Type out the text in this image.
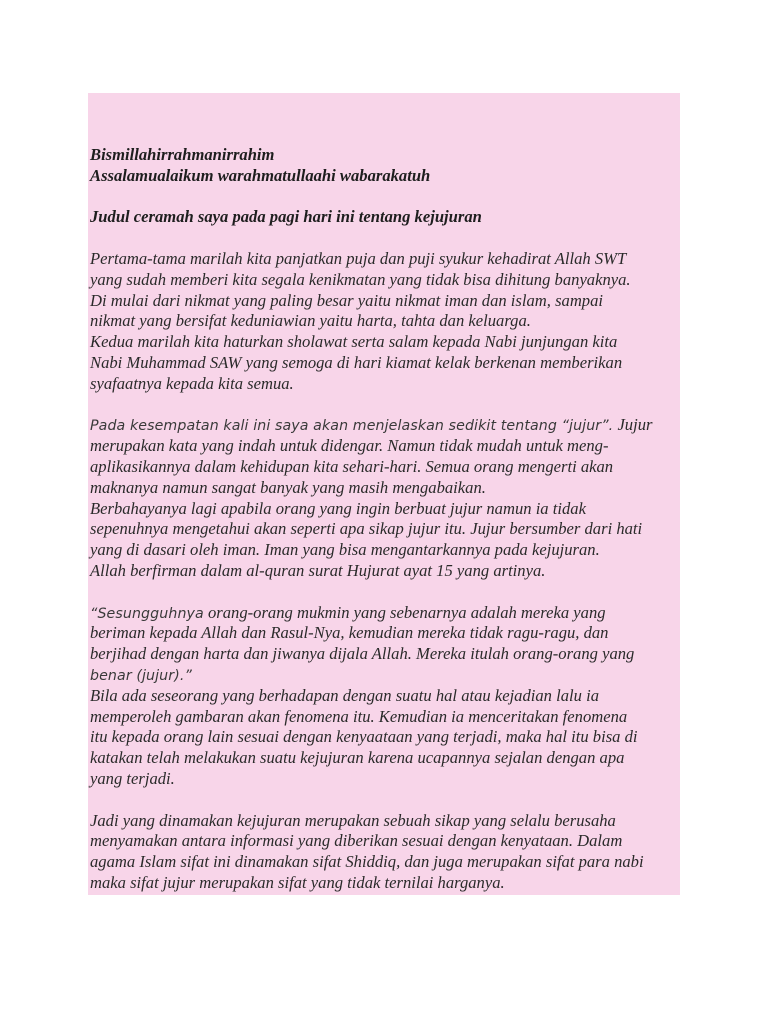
Bismillahirrahmanirrahim
Assalamualaikum warahmatullaahi wabarakatuh
Judul ceramah saya pada pagi hari ini tentang kejujuran
Pertama-tama marilah kita panjatkan puja dan puji syukur kehadirat Allah SWT
yang sudah memberi kita segala kenikmatan yang tidak bisa dihitung banyaknya.
Di mulai dari nikmat yang paling besar yaitu nikmat iman dan islam, sampai
nikmat yang bersifat keduniawian yaitu harta, tahta dan keluarga.
Kedua marilah kita haturkan sholawat serta salam kepada Nabi junjungan kita
Nabi Muhammad SAW yang semoga di hari kiamat kelak berkenan memberikan
syafaatnya kepada kita semua.
Pada kesempatan kali ini saya akan menjelaskan sedikit tentang “jujur”. Jujur
merupakan kata yang indah untuk didengar. Namun tidak mudah untuk meng-
aplikasikannya dalam kehidupan kita sehari-hari. Semua orang mengerti akan
maknanya namun sangat banyak yang masih mengabaikan.
Berbahayanya lagi apabila orang yang ingin berbuat jujur namun ia tidak
sepenuhnya mengetahui akan seperti apa sikap jujur itu. Jujur bersumber dari hati
yang di dasari oleh iman. Iman yang bisa mengantarkannya pada kejujuran.
Allah berfirman dalam al-quran surat Hujurat ayat 15 yang artinya.
“Sesungguhnya orang-orang mukmin yang sebenarnya adalah mereka yang
beriman kepada Allah dan Rasul-Nya, kemudian mereka tidak ragu-ragu, dan
berjihad dengan harta dan jiwanya dijala Allah. Mereka itulah orang-orang yang
benar (jujur).”
Bila ada seseorang yang berhadapan dengan suatu hal atau kejadian lalu ia
memperoleh gambaran akan fenomena itu. Kemudian ia menceritakan fenomena
itu kepada orang lain sesuai dengan kenyaataan yang terjadi, maka hal itu bisa di
katakan telah melakukan suatu kejujuran karena ucapannya sejalan dengan apa
yang terjadi.
Jadi yang dinamakan kejujuran merupakan sebuah sikap yang selalu berusaha
menyamakan antara informasi yang diberikan sesuai dengan kenyataan. Dalam
agama Islam sifat ini dinamakan sifat Shiddiq, dan juga merupakan sifat para nabi
maka sifat jujur merupakan sifat yang tidak ternilai harganya.
